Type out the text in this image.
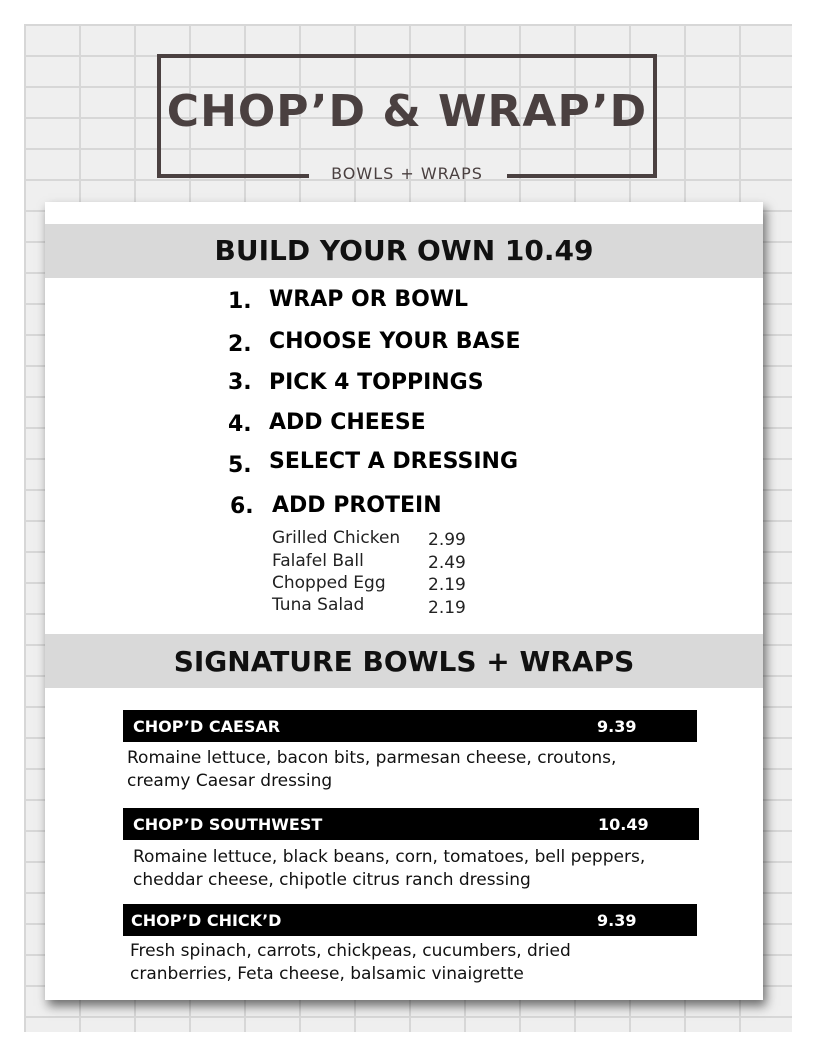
CHOP’D & WRAP’D
BOWLS + WRAPS
BUILD YOUR OWN 10.49
1. WRAP OR BOWL
2. CHOOSE YOUR BASE
3. PICK 4 TOPPINGS
4. ADD CHEESE
5. SELECT A DRESSING
6. ADD PROTEIN
Grilled Chicken 2.99
Falafel Ball	2.49
Chopped Egg 2.19
Tuna Salad	2.19
SIGNATURE BOWLS + WRAPS
CHOP’D CAESAR	9.39
Romaine lettuce, bacon bits, parmesan cheese, croutons,
creamy Caesar dressing
CHOP’D SOUTHWEST	10.49
Romaine lettuce, black beans, corn, tomatoes, bell peppers,
cheddar cheese, chipotle citrus ranch dressing
CHOP’D CHICK’D	9.39
Fresh spinach, carrots, chickpeas, cucumbers, dried
cranberries, Feta cheese, balsamic vinaigrette
